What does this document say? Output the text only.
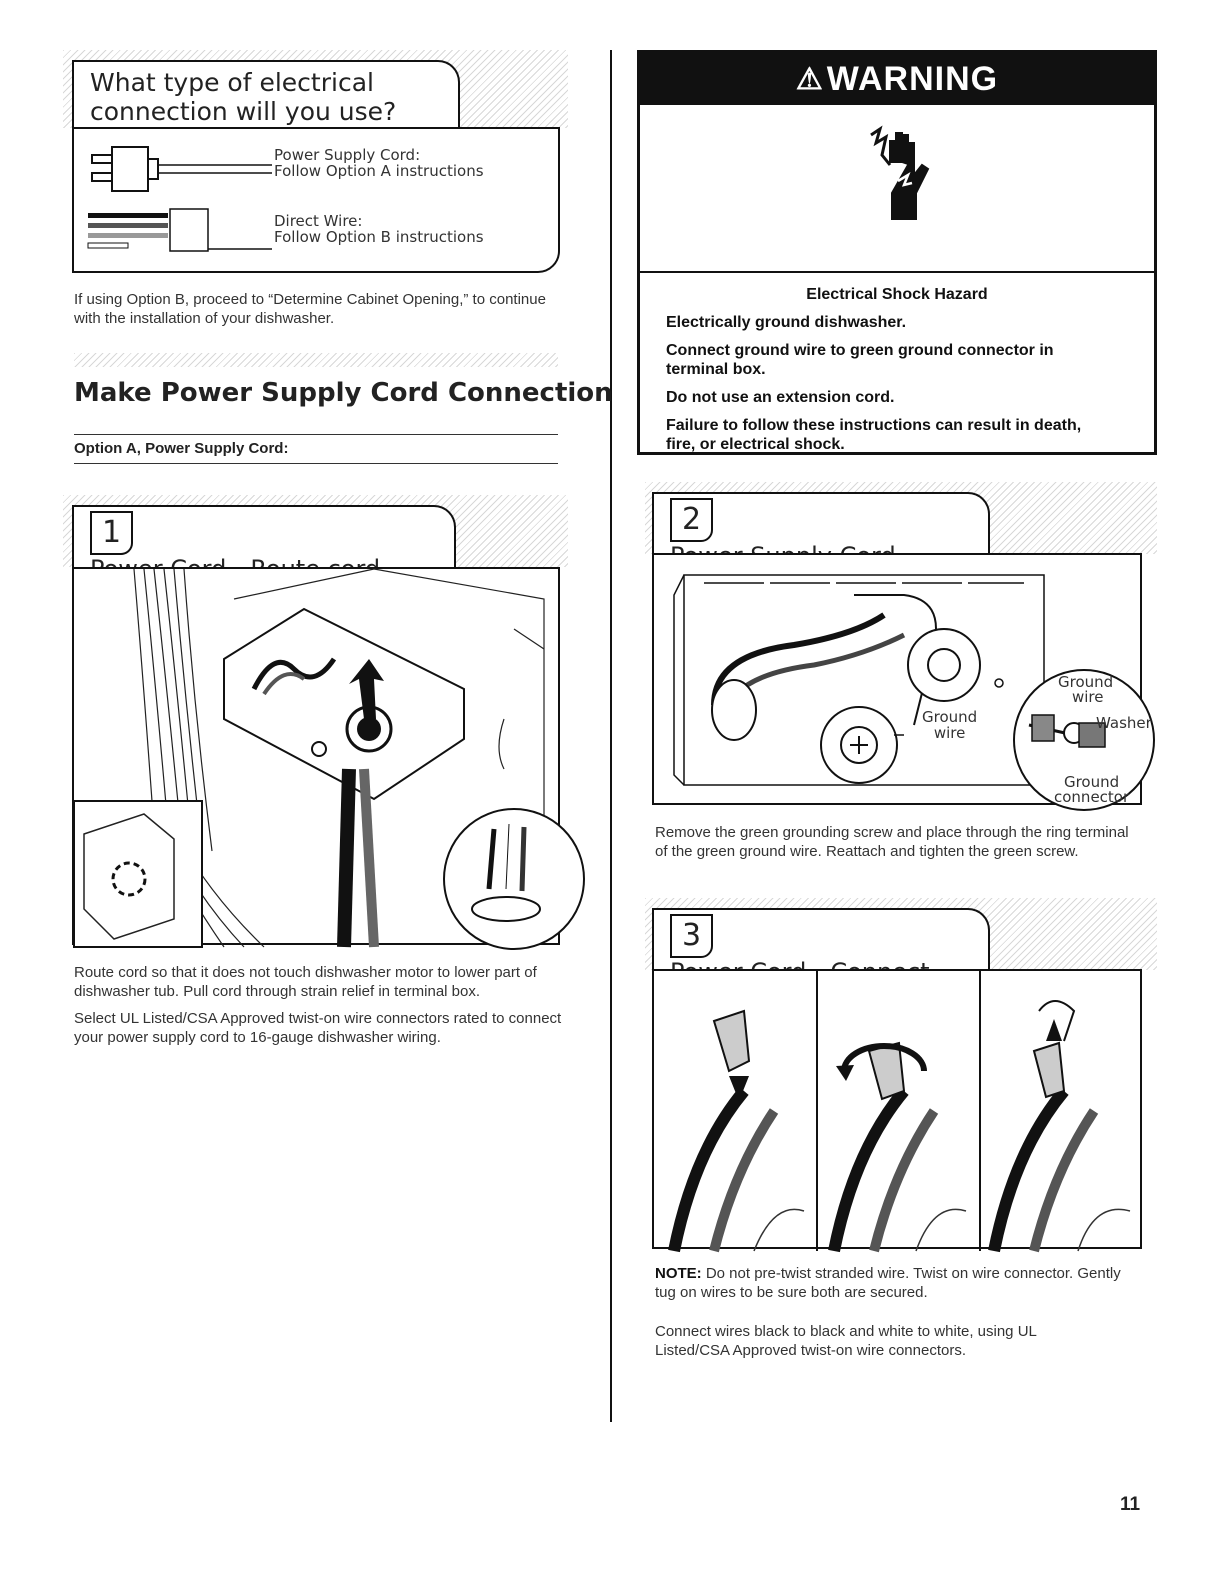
What type of electrical
connection will you use?
Power Supply Cord:
Follow Option A instructions
Direct Wire:
Follow Option B instructions
If using Option B, proceed to “Determine Cabinet Opening,” to continue with the installation of your dishwasher.
Make Power Supply Cord Connection
Option A, Power Supply Cord:
1

Route cord so that it does not touch dishwasher motor to lower part of dishwasher tub. Pull cord through strain relief in terminal box.

Select UL Listed/CSA Approved twist-on wire connectors rated to connect your power supply cord to 16-gauge dishwasher wiring.

⚠ WARNING

Electrical Shock Hazard

Electrically ground dishwasher.

Connect ground wire to green ground connector in terminal box.

Do not use an extension cord.

Failure to follow these instructions can result in death, fire, or electrical shock.

2
Ground
wire
Ground
wire
Washer
Ground
connector
Remove the green grounding screw and place through the ring terminal of the green ground wire. Reattach and tighten the green screw.
3
NOTE: Do not pre-twist stranded wire. Twist on wire connector. Gently tug on wires to be sure both are secured.
Connect wires black to black and white to white, using UL Listed/CSA Approved twist-on wire connectors.
11
